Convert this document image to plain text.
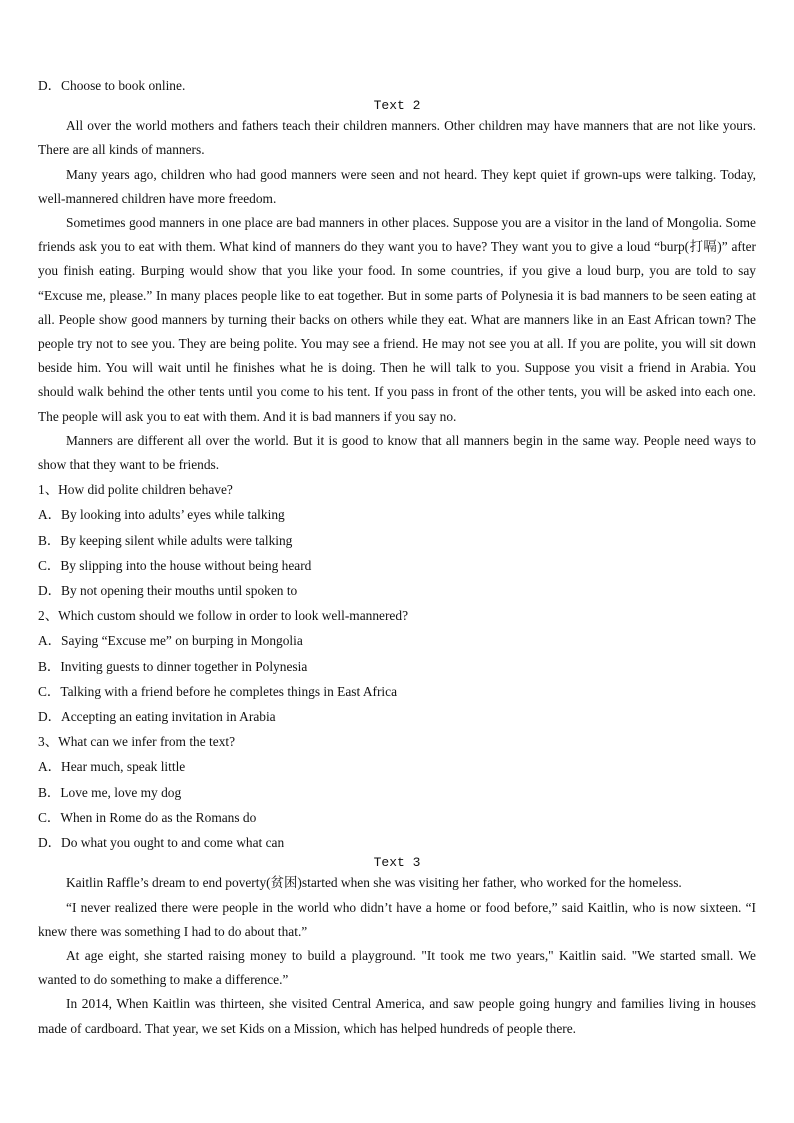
D．Choose to book online.

Text 2

All over the world mothers and fathers teach their children manners. Other children may have manners that are not like yours. There are all kinds of manners.

Many years ago, children who had good manners were seen and not heard. They kept quiet if grown-ups were talking. Today, well-mannered children have more freedom.

Sometimes good manners in one place are bad manners in other places. Suppose you are a visitor in the land of Mongolia. Some friends ask you to eat with them. What kind of manners do they want you to have? They want you to give a loud “burp(打嗝)” after you finish eating. Burping would show that you like your food. In some countries, if you give a loud burp, you are told to say “Excuse me, please.” In many places people like to eat together. But in some parts of Polynesia it is bad manners to be seen eating at all. People show good manners by turning their backs on others while they eat. What are manners like in an East African town? The people try not to see you. They are being polite. You may see a friend. He may not see you at all. If you are polite, you will sit down beside him. You will wait until he finishes what he is doing. Then he will talk to you. Suppose you visit a friend in Arabia. You should walk behind the other tents until you come to his tent. If you pass in front of the other tents, you will be asked into each one. The people will ask you to eat with them. And it is bad manners if you say no.

Manners are different all over the world. But it is good to know that all manners begin in the same way. People need ways to show that they want to be friends.

1、How did polite children behave?

A．By looking into adults’ eyes while talking

B．By keeping silent while adults were talking

C．By slipping into the house without being heard

D．By not opening their mouths until spoken to

2、Which custom should we follow in order to look well-mannered?

A．Saying “Excuse me” on burping in Mongolia

B．Inviting guests to dinner together in Polynesia

C．Talking with a friend before he completes things in East Africa

D．Accepting an eating invitation in Arabia

3、What can we infer from the text?

A．Hear much, speak little

B．Love me, love my dog

C．When in Rome do as the Romans do

D．Do what you ought to and come what can

Text 3

Kaitlin Raffle’s dream to end poverty(贫困)started when she was visiting her father, who worked for the homeless.

“I never realized there were people in the world who didn’t have a home or food before,” said Kaitlin, who is now sixteen. “I knew there was something I had to do about that.”

At age eight, she started raising money to build a playground. "It took me two years," Kaitlin said. "We started small. We wanted to do something to make a difference.”

In 2014, When Kaitlin was thirteen, she visited Central America, and saw people going hungry and families living in houses made of cardboard. That year, we set Kids on a Mission, which has helped hundreds of people there.
